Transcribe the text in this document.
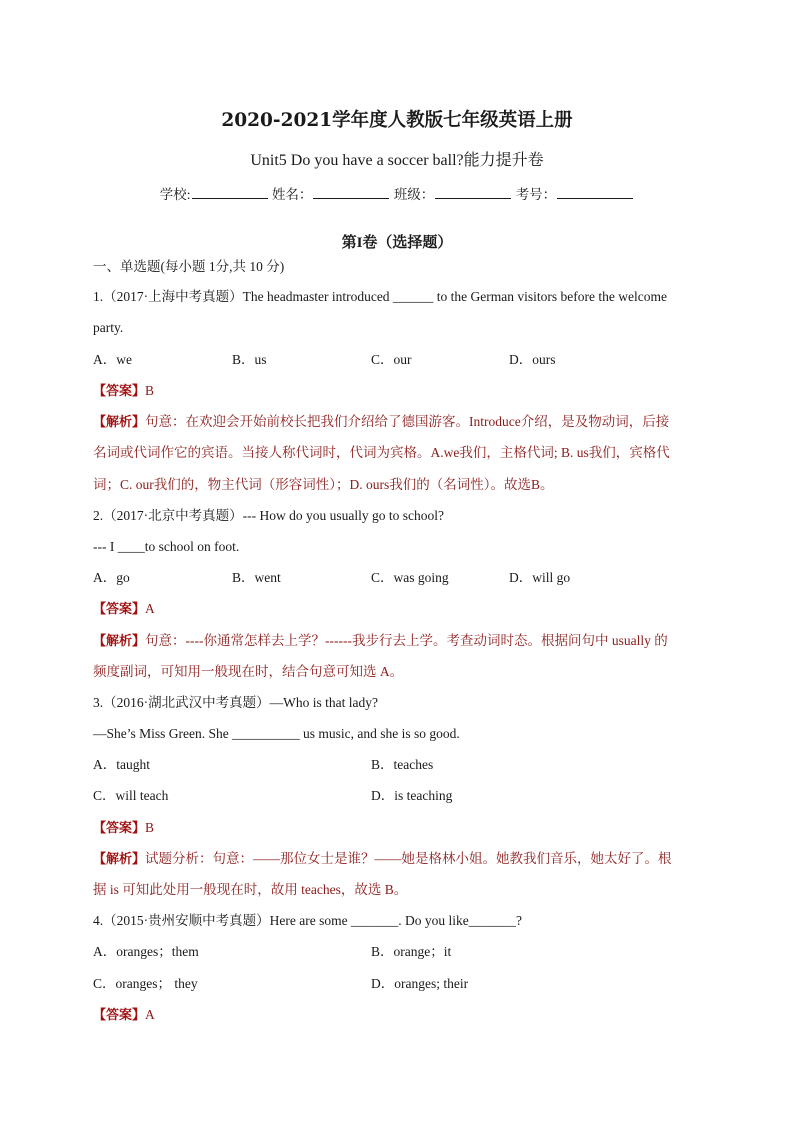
2020-2021学年度人教版七年级英语上册
Unit5 Do you have a soccer ball?能力提升卷
学校:	姓名：	班级：	考号：
第I卷（选择题）
一、单选题(每小题 1分,共 10 分)
1.（2017·上海中考真题）The headmaster introduced ______ to the German visitors before the welcome
party.
A．we	B．us	C．our	D．ours
【答案】B
【解析】句意：在欢迎会开始前校长把我们介绍给了德国游客。Introduce介绍，是及物动词，后接
名词或代词作它的宾语。当接人称代词时，代词为宾格。A.we我们，主格代词; B. us我们，宾格代
词；C. our我们的，物主代词（形容词性）；D. ours我们的（名词性）。故选B。
2.（2017·北京中考真题）--- How do you usually go to school?
--- I ____to school on foot.
A．go	B．went	C．was going	D．will go
【答案】A
【解析】句意：----你通常怎样去上学？------我步行去上学。考查动词时态。根据问句中 usually 的
频度副词，可知用一般现在时，结合句意可知选 A。
3.（2016·湖北武汉中考真题）—Who is that lady?
—She’s Miss Green. She __________ us music, and she is so good.
A．taught	B．teaches
C．will teach	D．is teaching
【答案】B
【解析】试题分析：句意：——那位女士是谁？——她是格林小姐。她教我们音乐，她太好了。根
据 is 可知此处用一般现在时，故用 teaches，故选 B。
4.（2015·贵州安顺中考真题）Here are some _______. Do you like_______?
A．oranges；them	B．orange；it
C．oranges； they	D．oranges; their
【答案】A
